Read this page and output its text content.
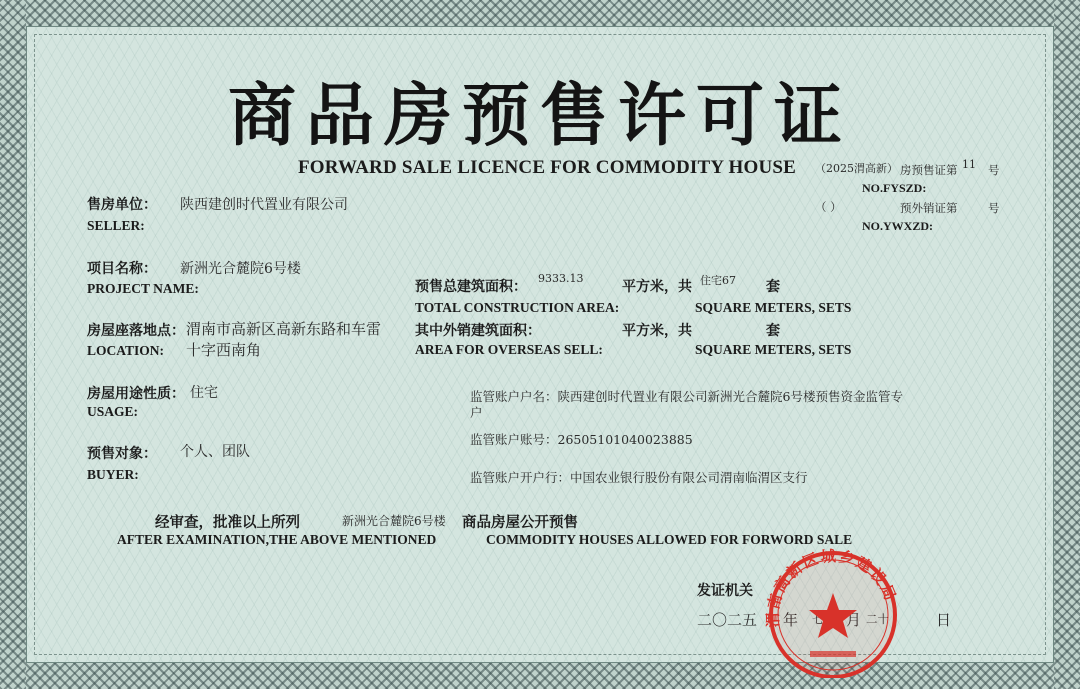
商品房预售许可证
FORWARD SALE LICENCE FOR COMMODITY HOUSE （2025渭高新） 房预售证第 11 号
NO.FYSZD:
（ ）	预外销证第	号
NO.YWXZD:
售房单位： 陕西建创时代置业有限公司
SELLER:
项目名称： 新洲光合麓院6号楼
PROJECT NAME:	预售总建筑面积：
9333.13
平方米，共 住宅67 套
TOTAL CONSTRUCTION AREA:	SQUARE METERS, SETS
房屋座落地点： 渭南市高新区高新东路和车雷
十字西南角
LOCATION:
其中外销建筑面积：	平方米，共	套
AREA FOR OVERSEAS SELL:	SQUARE METERS, SETS
房屋用途性质： 住宅
USAGE:
预售对象： 个人、团队
BUYER:
监管账户户名：陕西建创时代置业有限公司新洲光合麓院6号楼预售资金监管专
户
监管账户账号：26505101040023885
监管账户开户行：中国农业银行股份有限公司渭南临渭区支行
经审查，批准以上所列	新洲光合麓院6号楼 商品房屋公开预售
AFTER EXAMINATION,THE ABOVE MENTIONED	COMMODITY HOUSES ALLOWED FOR FORWORD SALE
发证机关
二〇二五	日
渭南高新区城乡建设局
